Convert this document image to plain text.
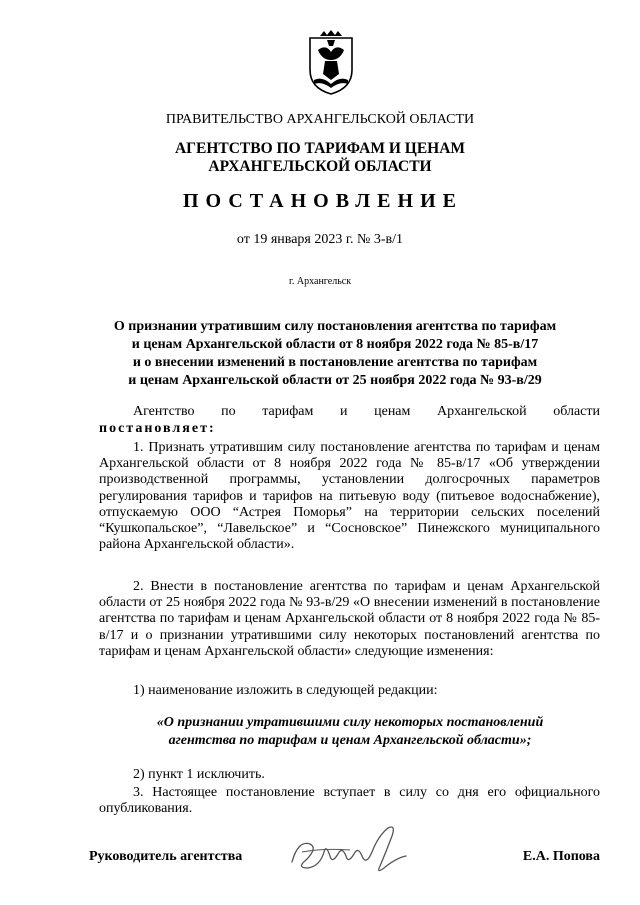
ПРАВИТЕЛЬСТВО АРХАНГЕЛЬСКОЙ ОБЛАСТИ
АГЕНТСТВО ПО ТАРИФАМ И ЦЕНАМ
АРХАНГЕЛЬСКОЙ ОБЛАСТИ
ПОСТАНОВЛЕНИЕ
от 19 января 2023 г. № 3-в/1
г. Архангельск
О признании утратившим силу постановления агентства по тарифам
и ценам Архангельской области от 8 ноября 2022 года № 85-в/17
и о внесении изменений в постановление агентства по тарифам
и ценам Архангельской области от 25 ноября 2022 года № 93-в/29
Агентство по тарифам и ценам Архангельской области
постановляет:
1. Признать утратившим силу постановление агентства по тарифам и ценам Архангельской области от 8 ноября 2022 года № 85-в/17 «Об утверждении производственной программы, установлении долгосрочных параметров регулирования тарифов и тарифов на питьевую воду (питьевое водоснабжение), отпускаемую ООО “Астрея Поморья” на территории сельских поселений “Кушкопальское”, “Лавельское” и “Сосновское” Пинежского муниципального района Архангельской области».
2. Внести в постановление агентства по тарифам и ценам Архангельской области от 25 ноября 2022 года № 93-в/29 «О внесении изменений в постановление агентства по тарифам и ценам Архангельской области от 8 ноября 2022 года № 85-в/17 и о признании утратившими силу некоторых постановлений агентства по тарифам и ценам Архангельской области» следующие изменения:
1) наименование изложить в следующей редакции:
«О признании утратившими силу некоторых постановлений
агентства по тарифам и ценам Архангельской области»;
2) пункт 1 исключить.
3. Настоящее постановление вступает в силу со дня его официального опубликования.
Руководитель агентства	Е.А. Попова
